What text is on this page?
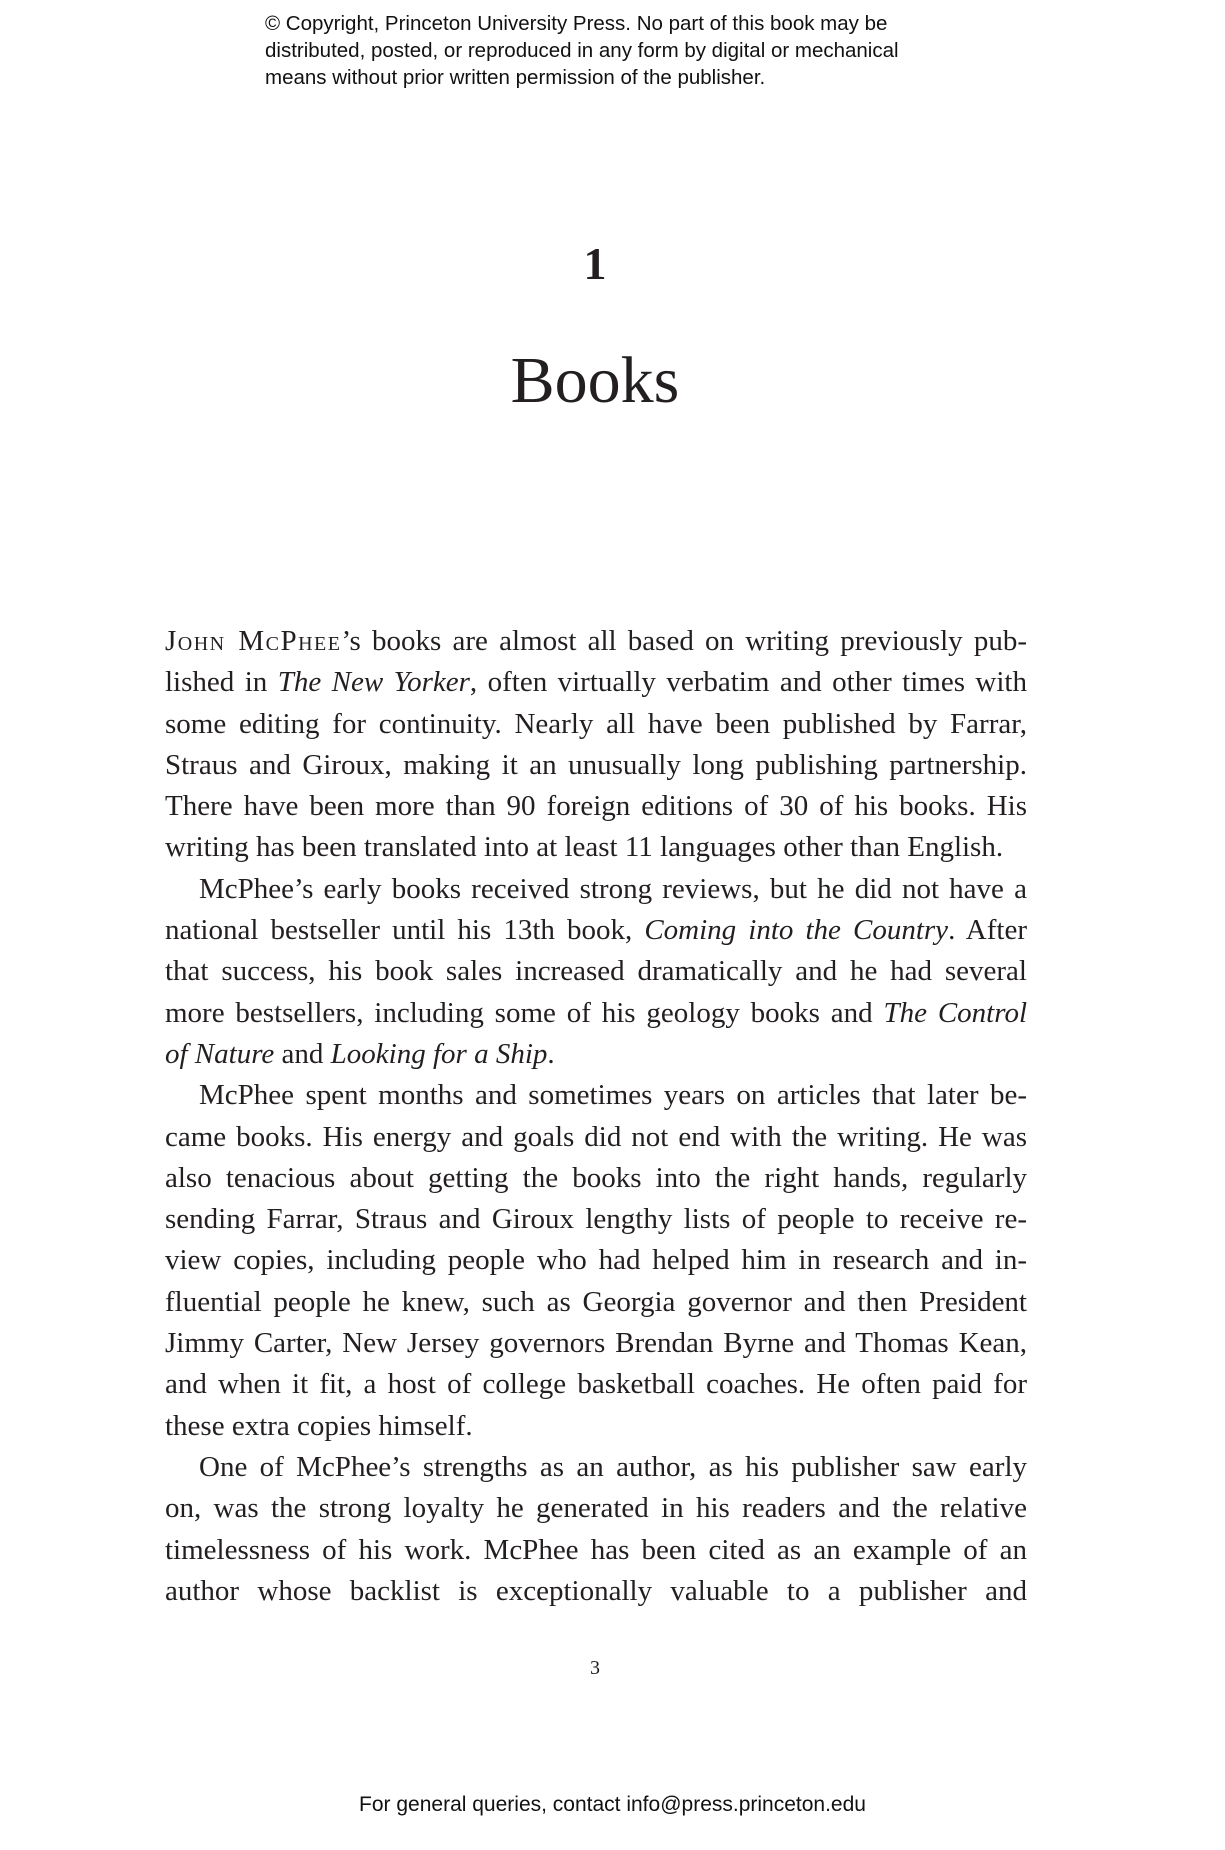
© Copyright, Princeton University Press. No part of this book may be
distributed, posted, or reproduced in any form by digital or mechanical
means without prior written permission of the publisher.
1
Books
John McPhee’s books are almost all based on writing previously pub-
lished in The New Yorker, often virtually verbatim and other times with
some editing for continuity. Nearly all have been published by Farrar,
Straus and Giroux, making it an unusually long publishing partnership.
There have been more than 90 foreign editions of 30 of his books. His
writing has been translated into at least 11 languages other than English.
McPhee’s early books received strong reviews, but he did not have a
national bestseller until his 13th book, Coming into the Country. After
that success, his book sales increased dramatically and he had several
more bestsellers, including some of his geology books and The Control
of Nature and Looking for a Ship.
McPhee spent months and sometimes years on articles that later be-
came books. His energy and goals did not end with the writing. He was
also tenacious about getting the books into the right hands, regularly
sending Farrar, Straus and Giroux lengthy lists of people to receive re-
view copies, including people who had helped him in research and in-
fluential people he knew, such as Georgia governor and then President
Jimmy Carter, New Jersey governors Brendan Byrne and Thomas Kean,
and when it fit, a host of college basketball coaches. He often paid for
these extra copies himself.
One of McPhee’s strengths as an author, as his publisher saw early
on, was the strong loyalty he generated in his readers and the relative
timelessness of his work. McPhee has been cited as an example of an
author whose backlist is exceptionally valuable to a publisher and
3
For general queries, contact info@press.princeton.edu
